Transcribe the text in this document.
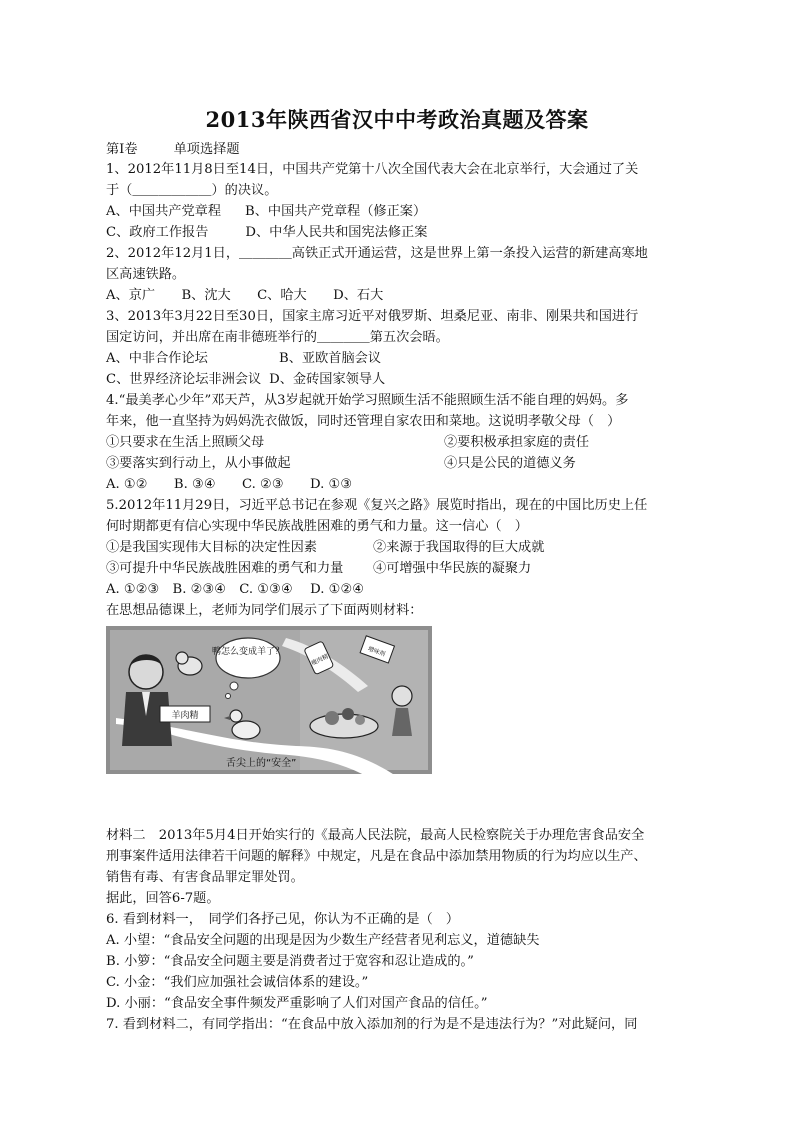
2013年陕西省汉中中考政治真题及答案
第Ⅰ卷	单项选择题
1、2012年11月8日至14日，中国共产党第十八次全国代表大会在北京举行，大会通过了关
于（＿＿＿＿＿＿）的决议。
A、中国共产党章程 B、中国共产党章程（修正案）
C、政府工作报告	D、中华人民共和国宪法修正案
2、2012年12月1日，＿＿＿＿高铁正式开通运营，这是世界上第一条投入运营的新建高寒地
区高速铁路。
A、京广　　B、沈大　　C、哈大　　D、石大
3、2013年3月22日至30日，国家主席习近平对俄罗斯、坦桑尼亚、南非、刚果共和国进行
国定访问，并出席在南非德班举行的＿＿＿＿第五次会晤。
A、中非合作论坛	B、亚欧首脑会议
C、世界经济论坛非洲会议 D、金砖国家领导人
4.“最美孝心少年”邓天芦，从3岁起就开始学习照顾生活不能照顾生活不能自理的妈妈。多
年来，他一直坚持为妈妈洗衣做饭，同时还管理自家农田和菜地。这说明孝敬父母（　）
①只要求在生活上照顾父母	②要积极承担家庭的责任
③要落实到行动上，从小事做起	④只是公民的道德义务
A. ①②　　B. ③④　　C. ②③　　D. ①③
5.2012年11月29日，习近平总书记在参观《复兴之路》展览时指出，现在的中国比历史上任
何时期都更有信心实现中华民族战胜困难的勇气和力量。这一信心（　）
①是我国实现伟大目标的决定性因素	②来源于我国取得的巨大成就
③可提升中华民族战胜困难的勇气和力量 ④可增强中华民族的凝聚力
A. ①②③　B. ②③④　C. ①③④　 D. ①②④
在思想品德课上，老师为同学们展示了下面两则材料：
鸭怎么变成羊了？
羊肉精
瘦肉精
增味剂
舌尖上的“安全”
材料二　2013年5月4日开始实行的《最高人民法院，最高人民检察院关于办理危害食品安全
刑事案件适用法律若干问题的解释》中规定，凡是在食品中添加禁用物质的行为均应以生产、
销售有毒、有害食品罪定罪处罚。
据此，回答6-7题。
6. 看到材料一，　同学们各抒己见，你认为不正确的是（　）
A. 小望：“食品安全问题的出现是因为少数生产经营者见利忘义，道德缺失
B. 小箩：“食品安全问题主要是消费者过于宽容和忍让造成的。”
C. 小金：“我们应加强社会诚信体系的建设。”
D. 小丽：“食品安全事件频发严重影响了人们对国产食品的信任。”
7. 看到材料二，有同学指出：“在食品中放入添加剂的行为是不是违法行为？”对此疑问，同
